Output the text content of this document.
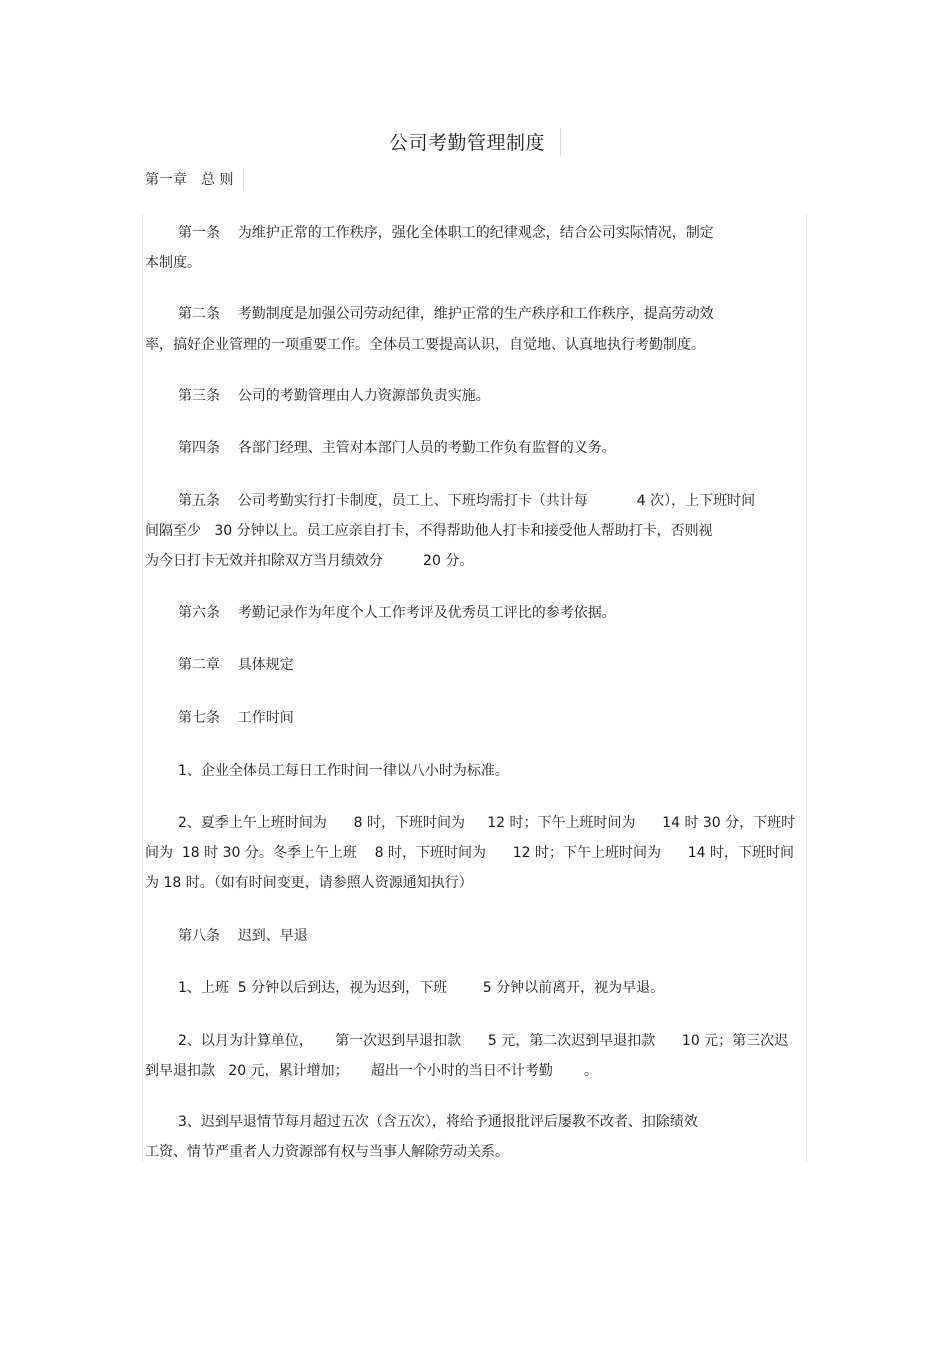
公司考勤管理制度
第一章 总 则
第一条    为维护正常的工作秩序，强化全体职工的纪律观念，结合公司实际情况，制定
本制度。
第二条    考勤制度是加强公司劳动纪律，维护正常的生产秩序和工作秩序，提高劳动效
率，搞好企业管理的一项重要工作。全体员工要提高认识，自觉地、认真地执行考勤制度。
第三条    公司的考勤管理由人力资源部负责实施。
第四条    各部门经理、主管对本部门人员的考勤工作负有监督的义务。
第五条    公司考勤实行打卡制度，员工上、下班均需打卡（共计每           4 次），上下班时间
间隔至少   30 分钟以上。员工应亲自打卡，不得帮助他人打卡和接受他人帮助打卡，否则视
为今日打卡无效并扣除双方当月绩效分         20 分。
第六条    考勤记录作为年度个人工作考评及优秀员工评比的参考依据。
第二章    具体规定
第七条    工作时间
1、企业全体员工每日工作时间一律以八小时为标准。
2、夏季上午上班时间为      8 时，下班时间为     12 时；下午上班时间为      14 时 30 分，下班时
间为  18 时 30 分。冬季上午上班    8 时，下班时间为      12 时；下午上班时间为      14 时，下班时间
为 18 时。（如有时间变更，请参照人资源通知执行）
第八条    迟到、早退
1、上班  5 分钟以后到达，视为迟到，下班        5 分钟以前离开，视为早退。
2、以月为计算单位，     第一次迟到早退扣款      5 元，第二次迟到早退扣款      10 元；第三次迟
到早退扣款   20 元，累计增加；     超出一个小时的当日不计考勤       。
3、迟到早退情节每月超过五次（含五次），将给予通报批评后屡教不改者、扣除绩效
工资、情节严重者人力资源部有权与当事人解除劳动关系。
